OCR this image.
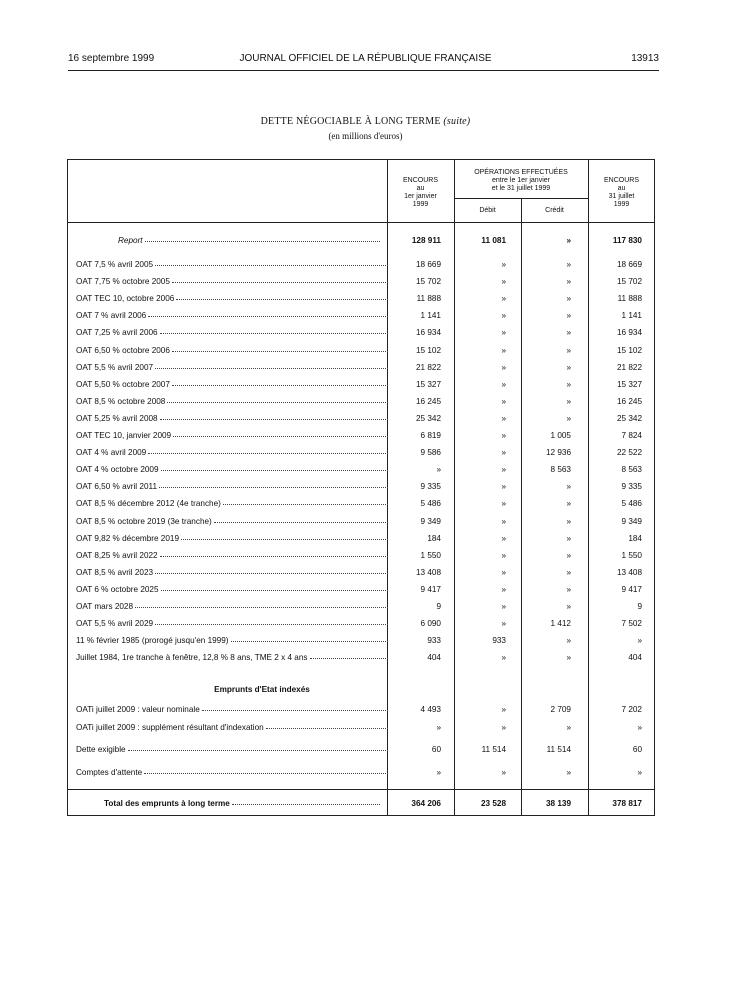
16 septembre 1999	JOURNAL OFFICIEL DE LA RÉPUBLIQUE FRANÇAISE	13913
DETTE NÉGOCIABLE À LONG TERME (suite)
(en millions d'euros)
ENCOURS
au
1er janvier
1999
OPÉRATIONS EFFECTUÉES
entre le 1er janvier
et le 31 juillet 1999
Débit	Crédit
ENCOURS
au
31 juillet
1999
Report	128 911	11 081	»	117 830
OAT 7,5 % avril 2005	18 669	»	»	18 669
OAT 7,75 % octobre 2005	15 702	»	»	15 702
OAT TEC 10, octobre 2006	11 888	»	»	11 888
OAT 7 % avril 2006	1 141	»	»	1 141
OAT 7,25 % avril 2006	16 934	»	»	16 934
OAT 6,50 % octobre 2006	15 102	»	»	15 102
OAT 5,5 % avril 2007	21 822	»	»	21 822
OAT 5,50 % octobre 2007	15 327	»	»	15 327
OAT 8,5 % octobre 2008	16 245	»	»	16 245
OAT 5,25 % avril 2008	25 342	»	»	25 342
OAT TEC 10, janvier 2009	6 819	»	1 005	7 824
OAT 4 % avril 2009	9 586	»	12 936	22 522
OAT 4 % octobre 2009	»	»	8 563	8 563
OAT 6,50 % avril 2011	9 335	»	»	9 335
OAT 8,5 % décembre 2012 (4e tranche)	5 486	»	»	5 486
OAT 8,5 % octobre 2019 (3e tranche)	9 349	»	»	9 349
OAT 9,82 % décembre 2019	184	»	»	184
OAT 8,25 % avril 2022	1 550	»	»	1 550
OAT 8,5 % avril 2023	13 408	»	»	13 408
OAT 6 % octobre 2025	9 417	»	»	9 417
OAT mars 2028	9	»	»	9
OAT 5,5 % avril 2029	6 090	»	1 412	7 502
11 % février 1985 (prorogé jusqu'en 1999)	933	933	»	»
Juillet 1984, 1re tranche à fenêtre, 12,8 % 8 ans, TME 2 x 4 ans	404	»	»	404
Emprunts d'Etat indexés
OATi juillet 2009 : valeur nominale	4 493	»	2 709	7 202
OATi juillet 2009 : supplément résultant d'indexation	»	»	»	»
Dette exigible	60	11 514	11 514	60
Comptes d'attente	»	»	»	»
Total des emprunts à long terme	364 206	23 528	38 139	378 817
